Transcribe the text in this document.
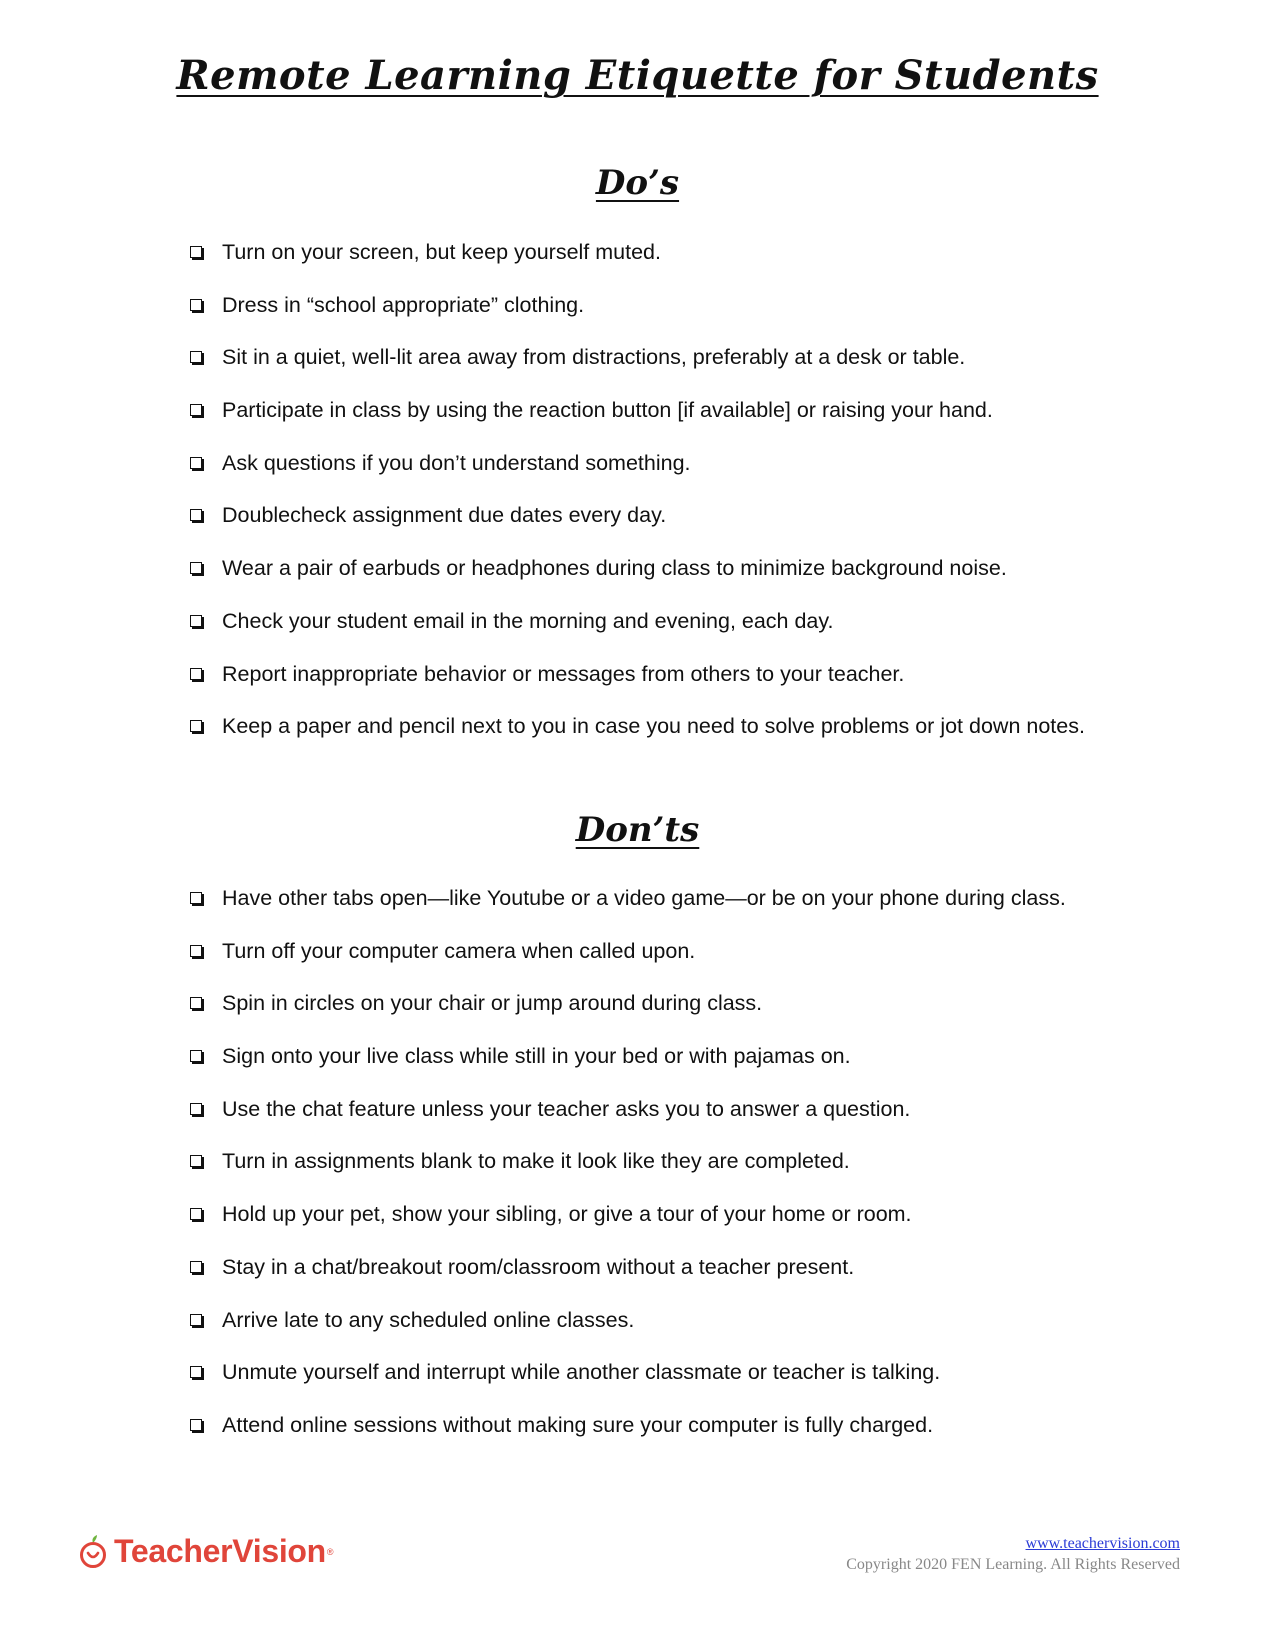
Remote Learning Etiquette for Students
Do’s
Turn on your screen, but keep yourself muted.
Dress in “school appropriate” clothing.
Sit in a quiet, well-lit area away from distractions, preferably at a desk or table.
Participate in class by using the reaction button [if available] or raising your hand.
Ask questions if you don’t understand something.
Doublecheck assignment due dates every day.
Wear a pair of earbuds or headphones during class to minimize background noise.
Check your student email in the morning and evening, each day.
Report inappropriate behavior or messages from others to your teacher.
Keep a paper and pencil next to you in case you need to solve problems or jot down notes.
Don’ts
Have other tabs open—like Youtube or a video game—or be on your phone during class.
Turn off your computer camera when called upon.
Spin in circles on your chair or jump around during class.
Sign onto your live class while still in your bed or with pajamas on.
Use the chat feature unless your teacher asks you to answer a question.
Turn in assignments blank to make it look like they are completed.
Hold up your pet, show your sibling, or give a tour of your home or room.
Stay in a chat/breakout room/classroom without a teacher present.
Arrive late to any scheduled online classes.
Unmute yourself and interrupt while another classmate or teacher is talking.
Attend online sessions without making sure your computer is fully charged.
TeacherVision ®	www.teachervision.com
Copyright 2020 FEN Learning. All Rights Reserved
